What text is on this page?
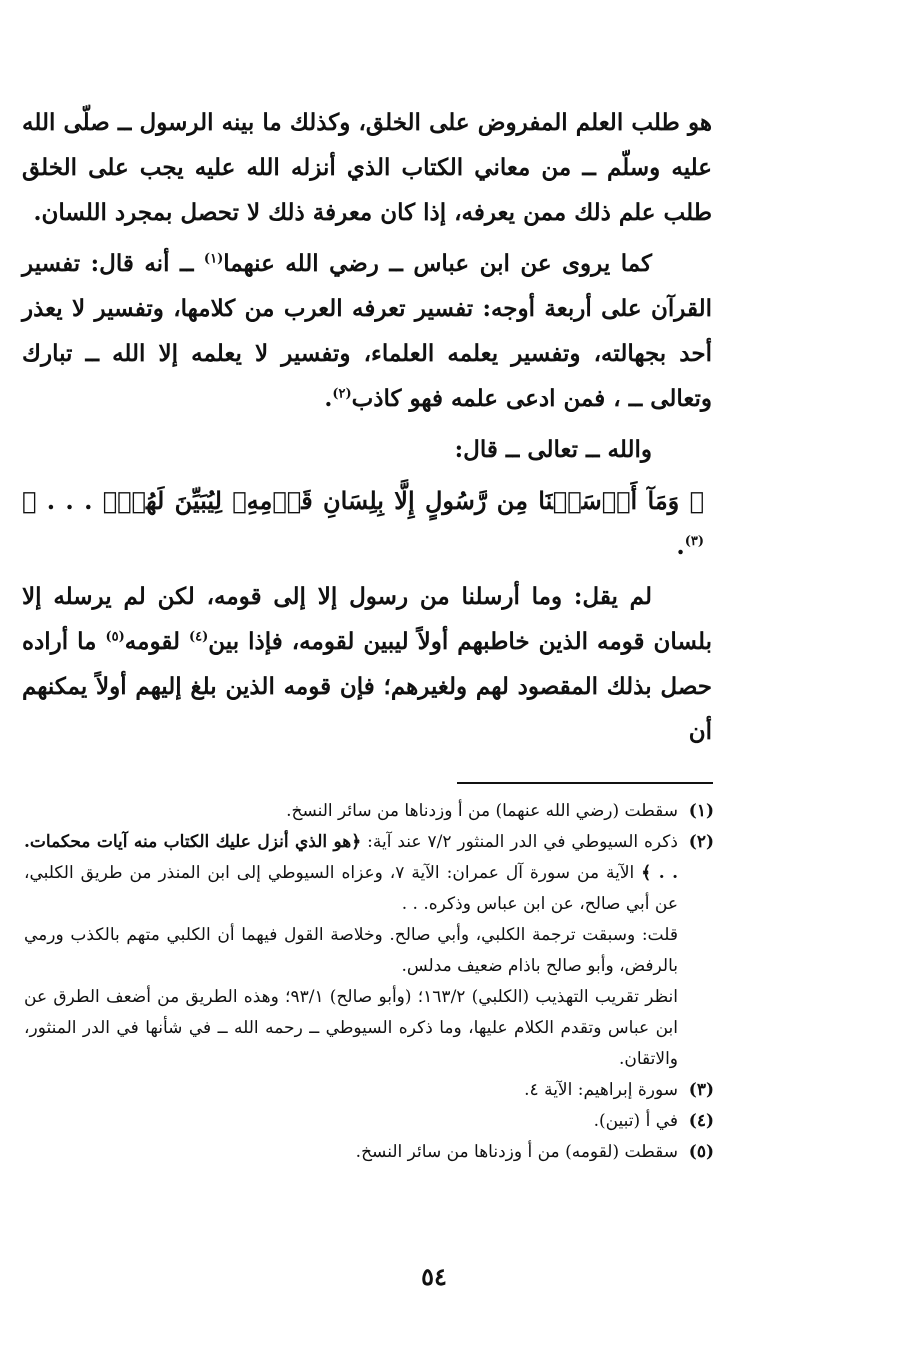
هو طلب العلم المفروض على الخلق، وكذلك ما بينه الرسول ــ صلّى الله عليه وسلّم ــ من معاني الكتاب الذي أنزله الله عليه يجب على الخلق طلب علم ذلك ممن يعرفه، إذا كان معرفة ذلك لا تحصل بمجرد اللسان.

كما يروى عن ابن عباس ــ رضي الله عنهما$^{(١)}$ ــ أنه قال: تفسير القرآن على أربعة أوجه: تفسير تعرفه العرب من كلامها، وتفسير لا يعذر أحد بجهالته، وتفسير يعلمه العلماء، وتفسير لا يعلمه إلا الله ــ تبارك وتعالى ــ ، فمن ادعى علمه فهو كاذب$^{(٢)}$.

والله ــ تعالى ــ قال:

﴿ وَمَآ أَرۡسَلۡنَا مِن رَّسُولٍ إِلَّا بِلِسَانِ قَوۡمِهِۦ لِيُبَيِّنَ لَهُمۡۖ . . . ﴾$^{(٣)}$.

لم يقل: وما أرسلنا من رسول إلا إلى قومه، لكن لم يرسله إلا بلسان قومه الذين خاطبهم أولاً ليبين لقومه، فإذا بين$^{(٤)}$ لقومه$^{(٥)}$ ما أراده حصل بذلك المقصود لهم ولغيرهم؛ فإن قومه الذين بلغ إليهم أولاً يمكنهم أن

(١)
سقطت (رضي الله عنهما) من أ وزدناها من سائر النسخ.
(٢)
ذكره السيوطي في الدر المنثور ٧/٢ عند آية: ﴿هو الذي أنزل عليك الكتاب منه آيات محكمات. . . ﴾ الآية من سورة آل عمران: الآية ٧، وعزاه السيوطي إلى ابن المنذر من طريق الكلبي، عن أبي صالح، عن ابن عباس وذكره. . .
قلت: وسبقت ترجمة الكلبي، وأبي صالح. وخلاصة القول فيهما أن الكلبي متهم بالكذب ورمي بالرفض، وأبو صالح باذام ضعيف مدلس.
انظر تقريب التهذيب (الكلبي) ١٦٣/٢؛ (وأبو صالح) ٩٣/١؛ وهذه الطريق من أضعف الطرق عن ابن عباس وتقدم الكلام عليها، وما ذكره السيوطي ــ رحمه الله ــ في شأنها في الدر المنثور، والاتقان.
(٣)
سورة إبراهيم: الآية ٤.
(٤)
في أ (تبين).
(٥)
سقطت (لقومه) من أ وزدناها من سائر النسخ.
٥٤
